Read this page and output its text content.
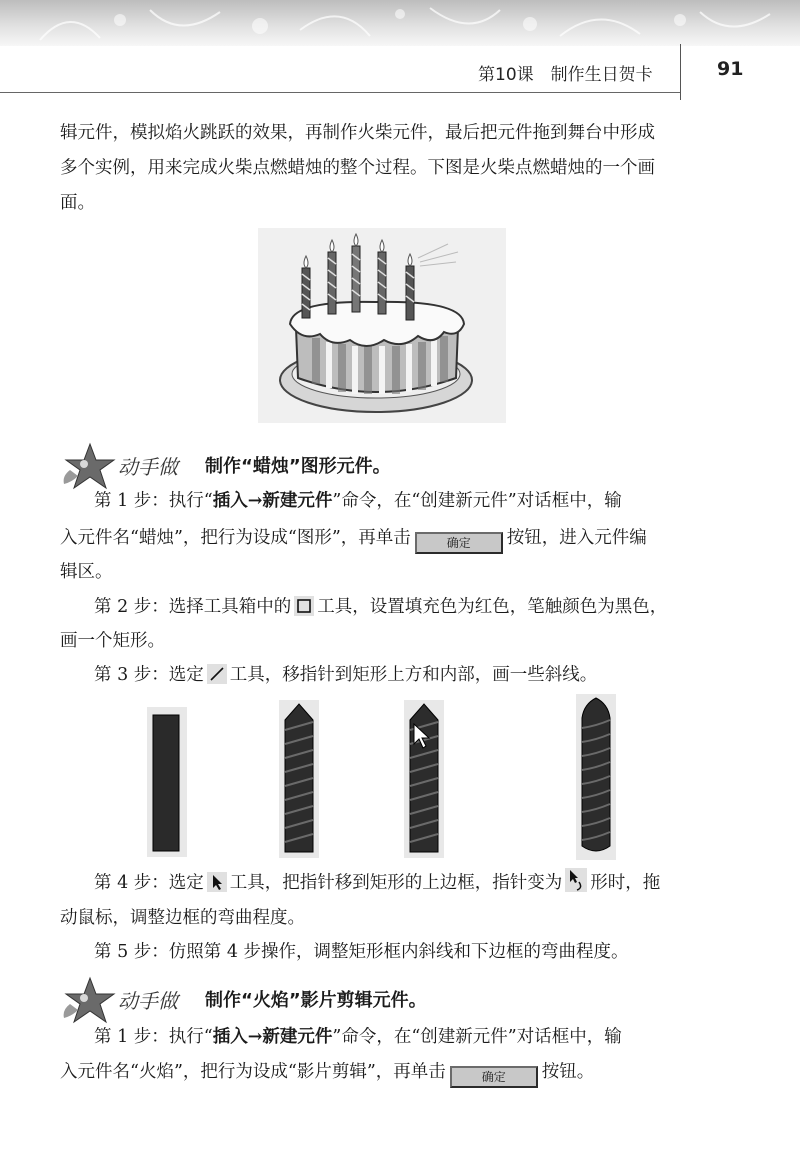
第10课　制作生日贺卡	91

辑元件，模拟焰火跳跃的效果，再制作火柴元件，最后把元件拖到舞台中形成

多个实例，用来完成火柴点燃蜡烛的整个过程。下图是火柴点燃蜡烛的一个画

面。

动手做 制作“蜡烛”图形元件。

第 1 步：执行“插入→新建元件”命令，在“创建新元件”对话框中，输

入元件名“蜡烛”，把行为设成“图形”，再单击	确定 按钮，进入元件编

辑区。

第 2 步：选择工具箱中的 工具，设置填充色为红色，笔触颜色为黑色，

画一个矩形。

第 3 步：选定 工具，移指针到矩形上方和内部，画一些斜线。

第 4 步：选定 工具，把指针移到矩形的上边框，指针变为 形时，拖

动鼠标，调整边框的弯曲程度。

第 5 步：仿照第 4 步操作，调整矩形框内斜线和下边框的弯曲程度。

动手做 制作“火焰”影片剪辑元件。

第 1 步：执行“插入→新建元件”命令，在“创建新元件”对话框中，输

入元件名“火焰”，把行为设成“影片剪辑”，再单击	确定 按钮。
